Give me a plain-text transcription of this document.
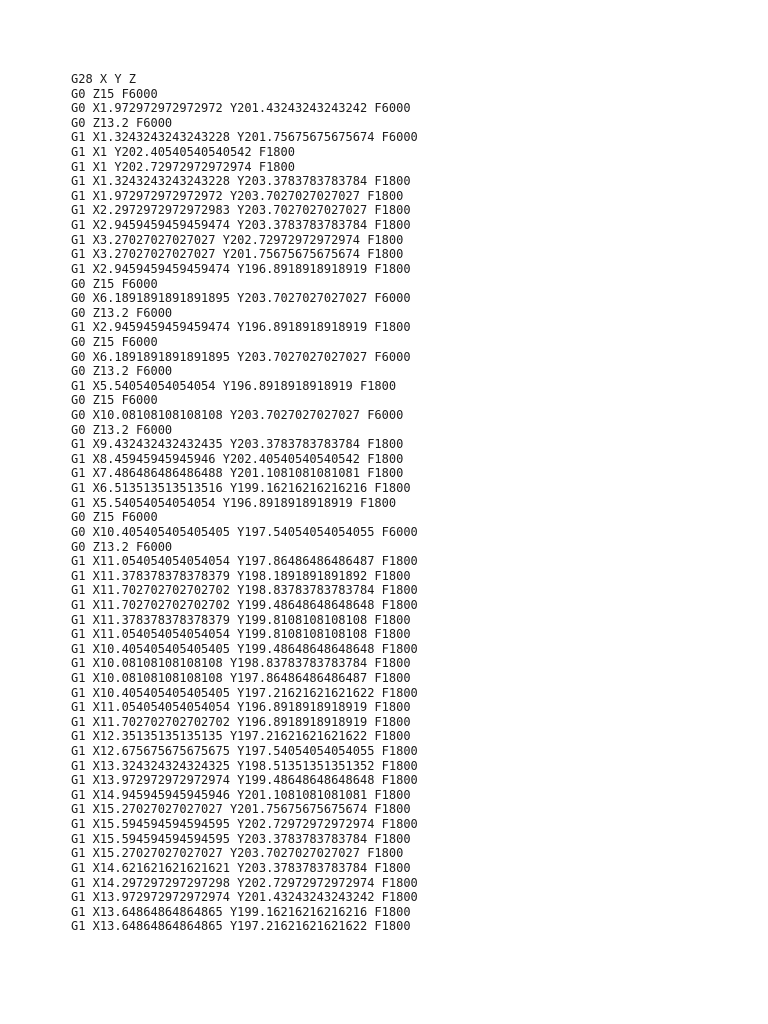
G28 X Y Z
G0 Z15 F6000
G0 X1.972972972972972 Y201.43243243243242 F6000
G0 Z13.2 F6000
G1 X1.3243243243243228 Y201.75675675675674 F6000
G1 X1 Y202.40540540540542 F1800
G1 X1 Y202.72972972972974 F1800
G1 X1.3243243243243228 Y203.3783783783784 F1800
G1 X1.972972972972972 Y203.7027027027027 F1800
G1 X2.2972972972972983 Y203.7027027027027 F1800
G1 X2.9459459459459474 Y203.3783783783784 F1800
G1 X3.27027027027027 Y202.72972972972974 F1800
G1 X3.27027027027027 Y201.75675675675674 F1800
G1 X2.9459459459459474 Y196.8918918918919 F1800
G0 Z15 F6000
G0 X6.1891891891891895 Y203.7027027027027 F6000
G0 Z13.2 F6000
G1 X2.9459459459459474 Y196.8918918918919 F1800
G0 Z15 F6000
G0 X6.1891891891891895 Y203.7027027027027 F6000
G0 Z13.2 F6000
G1 X5.54054054054054 Y196.8918918918919 F1800
G0 Z15 F6000
G0 X10.08108108108108 Y203.7027027027027 F6000
G0 Z13.2 F6000
G1 X9.432432432432435 Y203.3783783783784 F1800
G1 X8.45945945945946 Y202.40540540540542 F1800
G1 X7.486486486486488 Y201.1081081081081 F1800
G1 X6.513513513513516 Y199.16216216216216 F1800
G1 X5.54054054054054 Y196.8918918918919 F1800
G0 Z15 F6000
G0 X10.405405405405405 Y197.54054054054055 F6000
G0 Z13.2 F6000
G1 X11.054054054054054 Y197.86486486486487 F1800
G1 X11.378378378378379 Y198.1891891891892 F1800
G1 X11.702702702702702 Y198.83783783783784 F1800
G1 X11.702702702702702 Y199.48648648648648 F1800
G1 X11.378378378378379 Y199.8108108108108 F1800
G1 X11.054054054054054 Y199.8108108108108 F1800
G1 X10.405405405405405 Y199.48648648648648 F1800
G1 X10.08108108108108 Y198.83783783783784 F1800
G1 X10.08108108108108 Y197.86486486486487 F1800
G1 X10.405405405405405 Y197.21621621621622 F1800
G1 X11.054054054054054 Y196.8918918918919 F1800
G1 X11.702702702702702 Y196.8918918918919 F1800
G1 X12.35135135135135 Y197.21621621621622 F1800
G1 X12.675675675675675 Y197.54054054054055 F1800
G1 X13.324324324324325 Y198.51351351351352 F1800
G1 X13.972972972972974 Y199.48648648648648 F1800
G1 X14.945945945945946 Y201.1081081081081 F1800
G1 X15.27027027027027 Y201.75675675675674 F1800
G1 X15.594594594594595 Y202.72972972972974 F1800
G1 X15.594594594594595 Y203.3783783783784 F1800
G1 X15.27027027027027 Y203.7027027027027 F1800
G1 X14.621621621621621 Y203.3783783783784 F1800
G1 X14.297297297297298 Y202.72972972972974 F1800
G1 X13.972972972972974 Y201.43243243243242 F1800
G1 X13.64864864864865 Y199.16216216216216 F1800
G1 X13.64864864864865 Y197.21621621621622 F1800
